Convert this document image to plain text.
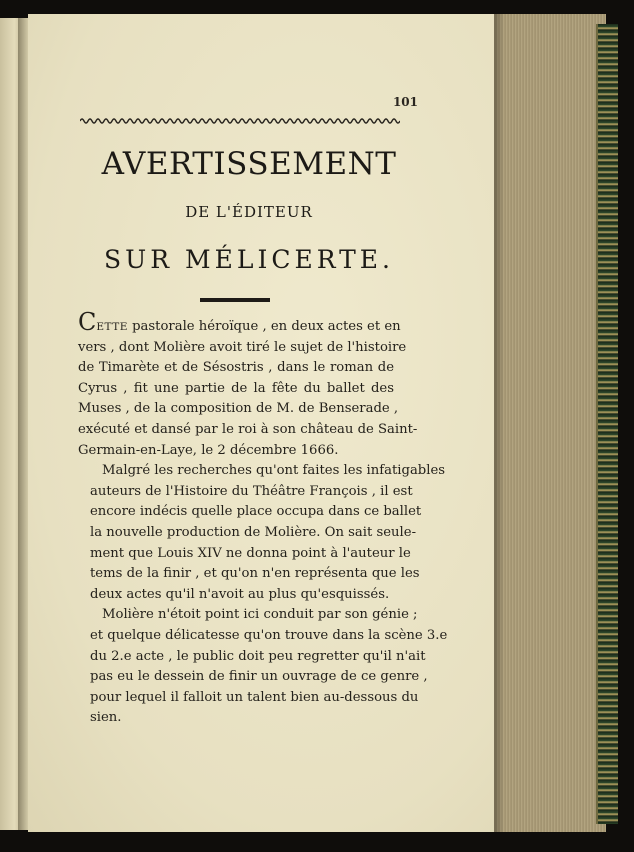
101
AVERTISSEMENT
DE L'ÉDITEUR
SUR MÉLICERTE.

CETTE pastorale héroïque , en deux actes et en
vers , dont Molière avoit tiré le sujet de l'histoire
de Timarète et de Sésostris , dans le roman de
Cyrus , fit une partie de la fête du ballet des
Muses , de la composition de M. de Benserade ,
exécuté et dansé par le roi à son château de Saint-
Germain-en-Laye, le 2 décembre 1666.

Malgré les recherches qu'ont faites les infatigables
auteurs de l'Histoire du Théâtre François , il est
encore indécis quelle place occupa dans ce ballet
la nouvelle production de Molière. On sait seule-
ment que Louis XIV ne donna point à l'auteur le
tems de la finir , et qu'on n'en représenta que les
deux actes qu'il n'avoit au plus qu'esquissés.

Molière n'étoit point ici conduit par son génie ;
et quelque délicatesse qu'on trouve dans la scène 3.e
du 2.e acte , le public doit peu regretter qu'il n'ait
pas eu le dessein de finir un ouvrage de ce genre ,
pour lequel il falloit un talent bien au-dessous du
sien.
